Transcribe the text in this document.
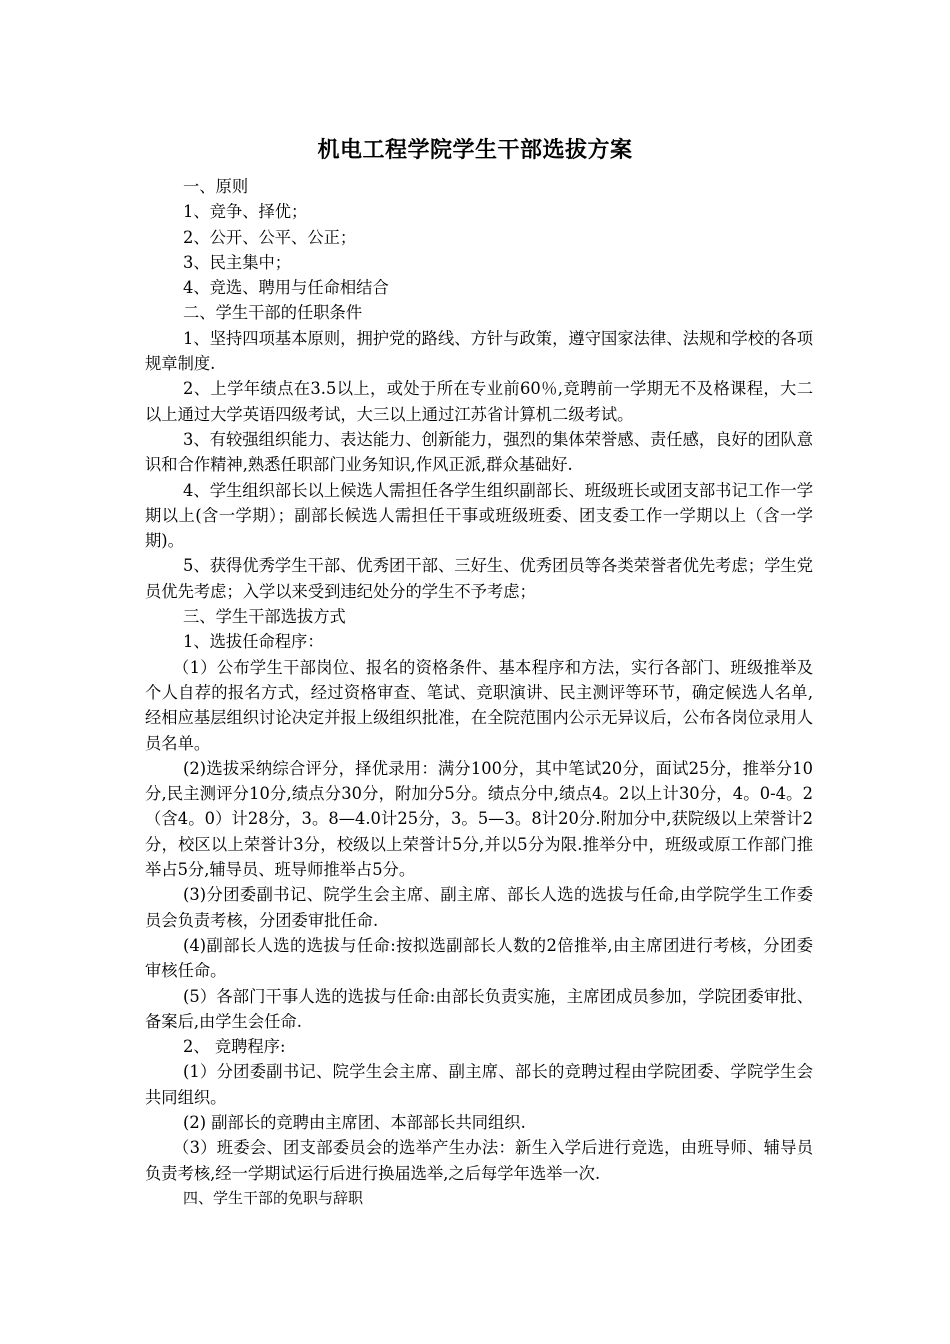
机电工程学院学生干部选拔方案

一、原则

1、竞争、择优；

2、公开、公平、公正；

3、民主集中；

4、竞选、聘用与任命相结合

二、学生干部的任职条件

1、坚持四项基本原则，拥护党的路线、方针与政策，遵守国家法律、法规和学校的各项规章制度.

2、上学年绩点在3.5以上，或处于所在专业前60％,竞聘前一学期无不及格课程，大二以上通过大学英语四级考试，大三以上通过江苏省计算机二级考试。

3、有较强组织能力、表达能力、创新能力，强烈的集体荣誉感、责任感，良好的团队意识和合作精神,熟悉任职部门业务知识,作风正派,群众基础好.

4、学生组织部长以上候选人需担任各学生组织副部长、班级班长或团支部书记工作一学期以上(含一学期）；副部长候选人需担任干事或班级班委、团支委工作一学期以上（含一学期)。

5、获得优秀学生干部、优秀团干部、三好生、优秀团员等各类荣誉者优先考虑；学生党员优先考虑；入学以来受到违纪处分的学生不予考虑；

三、学生干部选拔方式

1、选拔任命程序：

（1）公布学生干部岗位、报名的资格条件、基本程序和方法，实行各部门、班级推举及个人自荐的报名方式，经过资格审查、笔试、竞职演讲、民主测评等环节，确定候选人名单,经相应基层组织讨论决定并报上级组织批准，在全院范围内公示无异议后，公布各岗位录用人员名单。

(2)选拔采纳综合评分，择优录用：满分100分，其中笔试20分，面试25分，推举分10分,民主测评分10分,绩点分30分，附加分5分。绩点分中,绩点4。2以上计30分，4。0-4。2（含4。0）计28分，3。8—4.0计25分，3。5—3。8计20分.附加分中,获院级以上荣誉计2分，校区以上荣誉计3分，校级以上荣誉计5分,并以5分为限.推举分中，班级或原工作部门推举占5分,辅导员、班导师推举占5分。

(3)分团委副书记、院学生会主席、副主席、部长人选的选拔与任命,由学院学生工作委员会负责考核，分团委审批任命.

(4)副部长人选的选拔与任命:按拟选副部长人数的2倍推举,由主席团进行考核，分团委审核任命。

(5）各部门干事人选的选拔与任命:由部长负责实施，主席团成员参加，学院团委审批、备案后,由学生会任命.

2、 竞聘程序:

(1）分团委副书记、院学生会主席、副主席、部长的竞聘过程由学院团委、学院学生会共同组织。

(2) 副部长的竞聘由主席团、本部部长共同组织.

（3）班委会、团支部委员会的选举产生办法：新生入学后进行竞选，由班导师、辅导员负责考核,经一学期试运行后进行换届选举,之后每学年选举一次.

四、学生干部的免职与辞职
